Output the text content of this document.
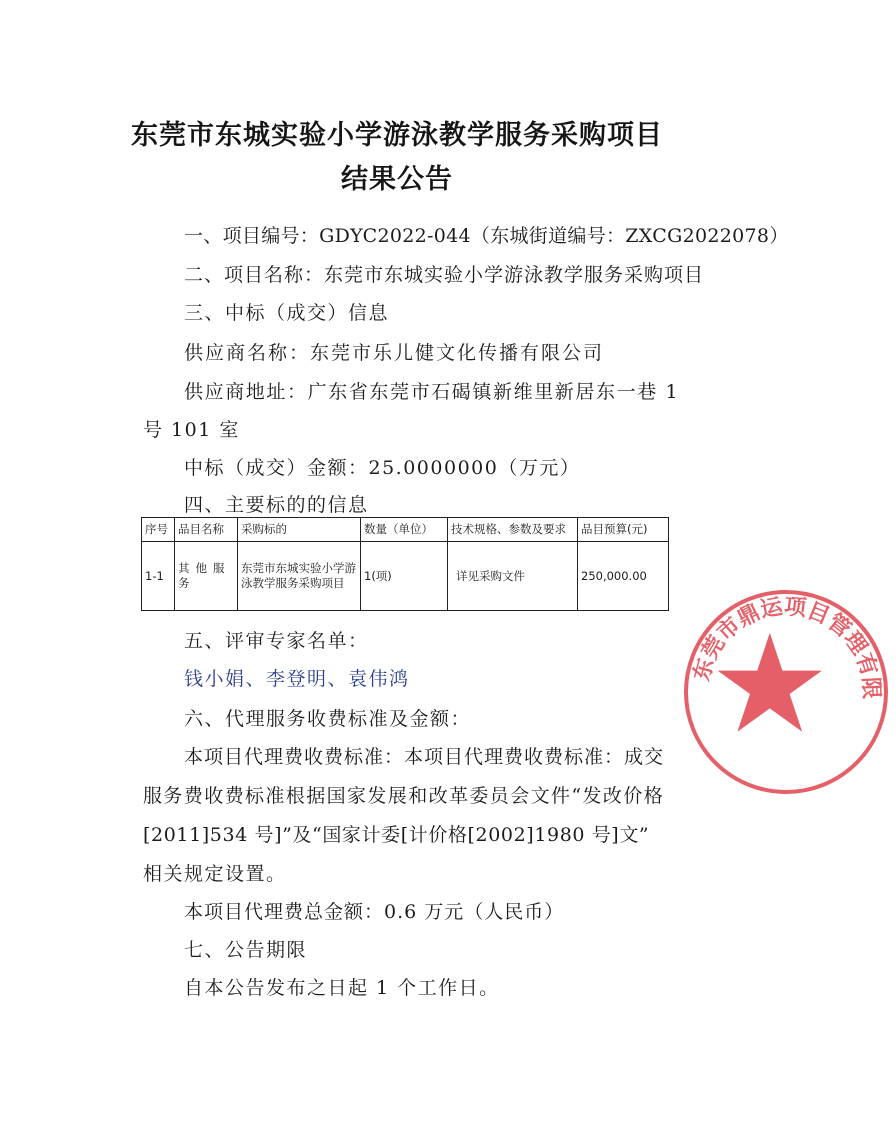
东莞市东城实验小学游泳教学服务采购项目
结果公告
一、项目编号：GDYC2022-044（东城街道编号：ZXCG2022078）
二、项目名称：东莞市东城实验小学游泳教学服务采购项目
三、中标（成交）信息
供应商名称：东莞市乐儿健文化传播有限公司
供应商地址：广东省东莞市石碣镇新维里新居东一巷 1
号 101 室
中标（成交）金额：25.0000000（万元）
四、主要标的的信息
序号	品目名称	采购标的	数量（单位）	技术规格、参数及要求	品目预算(元)
1-1	其他服务	东莞市东城实验小学游泳教学服务采购项目	1(项)	详见采购文件	250,000.00
五、评审专家名单：
钱小娟、李登明、袁伟鸿
六、代理服务收费标准及金额：
本项目代理费收费标准：本项目代理费收费标准：成交
服务费收费标准根据国家发展和改革委员会文件“发改价格
[2011]534 号]”及“国家计委[计价格[2002]1980 号]文”
相关规定设置。
本项目代理费总金额：0.6 万元（人民币）
七、公告期限
自本公告发布之日起 1 个工作日。
东莞市鼎运项目管理有限
